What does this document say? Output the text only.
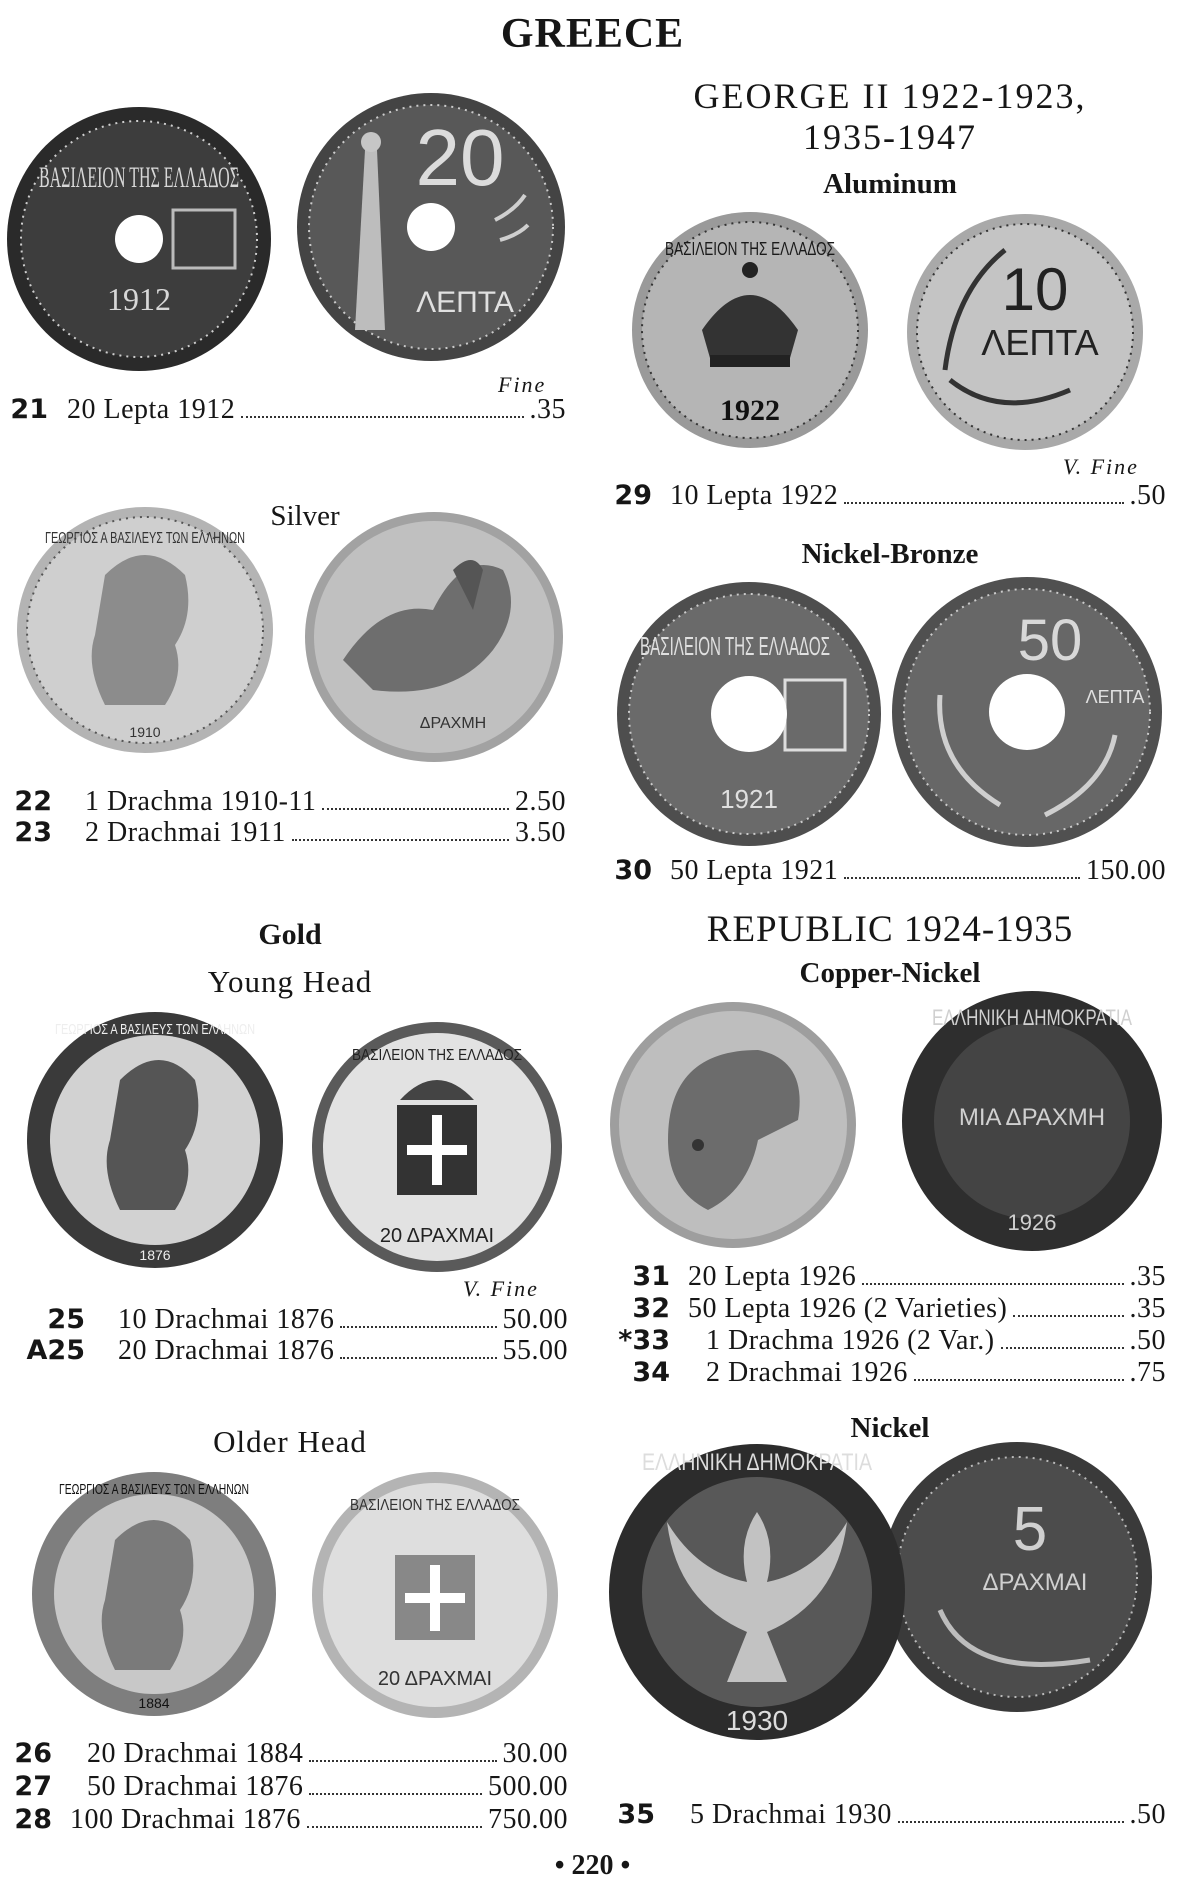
GREECE
GEORGE II 1922-1923,
1935-1947
Aluminum
Silver
Nickel-Bronze
Gold
Young Head
REPUBLIC 1924-1935
Copper-Nickel
Older Head	Nickel
Fine
V. Fine
V. Fine
ΒΑΣΙΛΕΙΟΝ ΤΗΣ ΕΛΛΑΔΟΣ
1912
20
ΛΕΠΤΑ
ΒΑΣΙΛΕΙΟΝ ΤΗΣ ΕΛΛΑΔΟΣ
1922
10
ΛΕΠΤΑ
ΓΕΩΡΓΙΟΣ Α ΒΑΣΙΛΕΥΣ ΤΩΝ ΕΛΛΗΝΩΝ
1910	ΔΡΑΧΜΗ
ΒΑΣΙΛΕΙΟΝ ΤΗΣ ΕΛΛΑΔΟΣ
1921
50
ΛΕΠΤΑ
ΓΕΩΡΓΙΟΣ Α ΒΑΣΙΛΕΥΣ ΤΩΝ ΕΛΛΗΝΩΝ
1876
ΒΑΣΙΛΕΙΟΝ ΤΗΣ ΕΛΛΑΔΟΣ
20 ΔΡΑΧΜΑΙ
ΕΛΛΗΝΙΚΗ ΔΗΜΟΚΡΑΤΙΑ
ΜΙΑ ΔΡΑΧΜΗ
1926
ΓΕΩΡΓΙΟΣ Α ΒΑΣΙΛΕΥΣ ΤΩΝ ΕΛΛΗΝΩΝ
1884
ΒΑΣΙΛΕΙΟΝ ΤΗΣ ΕΛΛΑΔΟΣ
20 ΔΡΑΧΜΑΙ
5
ΔΡΑΧΜΑΙ
ΕΛΛΗΝΙΚΗ ΔΗΜΟΚΡΑΤΙΑ
1930
21 20 Lepta 1912	.35
22 1 Drachma 1910-11	2.50
23 2 Drachmai 1911	3.50
25 10 Drachmai 1876	50.00
A25 20 Drachmai 1876	55.00
26 20 Drachmai 1884	30.00
27 50 Drachmai 1876	500.00
28 100 Drachmai 1876	750.00
29 10 Lepta 1922	.50
30 50 Lepta 1921	150.00
31 20 Lepta 1926	.35
32 50 Lepta 1926 (2 Varieties)	.35
*33 1 Drachma 1926 (2 Var.)	.50
34 2 Drachmai 1926	.75
35 5 Drachmai 1930	.50
• 220 •
